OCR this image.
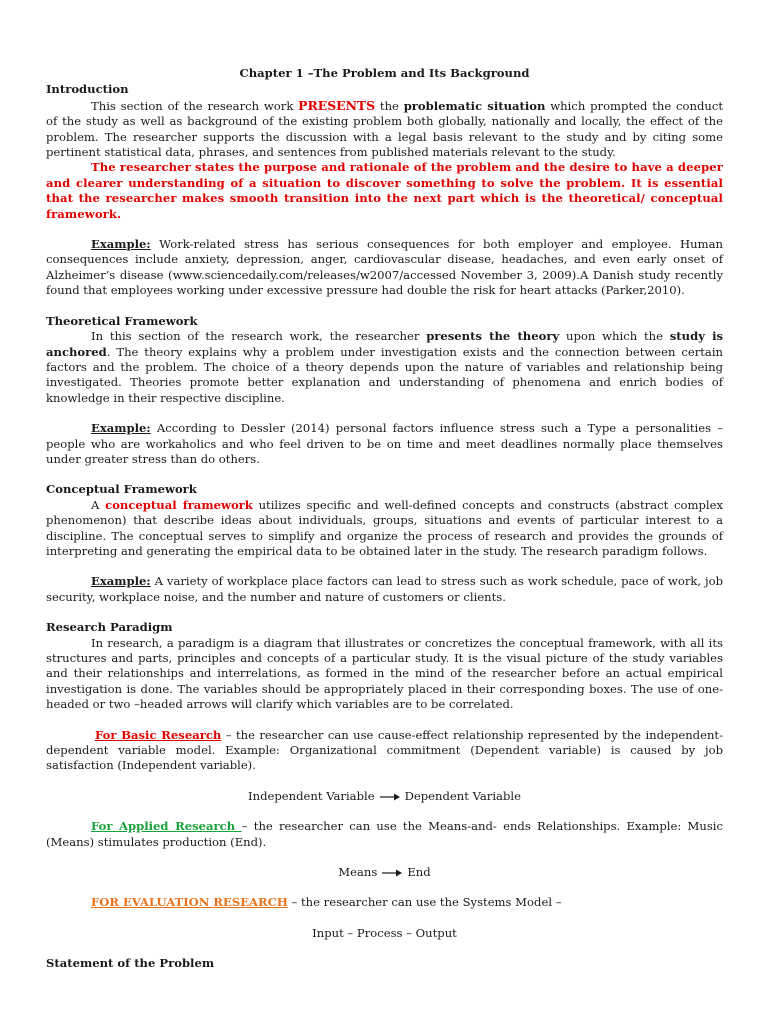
Chapter 1 –The Problem and Its Background

Introduction

This section of the research work PRESENTS the problematic situation which prompted the conduct of the study as well as background of the existing problem both globally, nationally and locally, the effect of the problem. The researcher supports the discussion with a legal basis relevant to the study and by citing some pertinent statistical data, phrases, and sentences from published materials relevant to the study.

The researcher states the purpose and rationale of the problem and the desire to have a deeper and clearer understanding of a situation to discover something to solve the problem. It is essential that the researcher makes smooth transition into the next part which is the theoretical/ conceptual framework.

Example: Work-related stress has serious consequences for both employer and employee. Human consequences include anxiety, depression, anger, cardiovascular disease, headaches, and even early onset of Alzheimer’s disease (www.sciencedaily.com/releases/w2007/accessed November 3, 2009).A Danish study recently found that employees working under excessive pressure had double the risk for heart attacks (Parker,2010).

Theoretical Framework

In this section of the research work, the researcher presents the theory upon which the study is anchored. The theory explains why a problem under investigation exists and the connection between certain factors and the problem. The choice of a theory depends upon the nature of variables and relationship being investigated. Theories promote better explanation and understanding of phenomena and enrich bodies of knowledge in their respective discipline.

Example: According to Dessler (2014) personal factors influence stress such a Type a personalities – people who are workaholics and who feel driven to be on time and meet deadlines normally place themselves under greater stress than do others.

Conceptual Framework

A conceptual framework utilizes specific and well-defined concepts and constructs (abstract complex phenomenon) that describe ideas about individuals, groups, situations and events of particular interest to a discipline. The conceptual serves to simplify and organize the process of research and provides the grounds of interpreting and generating the empirical data to be obtained later in the study. The research paradigm follows.

Example: A variety of workplace place factors can lead to stress such as work schedule, pace of work, job security, workplace noise, and the number and nature of customers or clients.

Research Paradigm

In research, a paradigm is a diagram that illustrates or concretizes the conceptual framework, with all its structures and parts, principles and concepts of a particular study. It is the visual picture of the study variables and their relationships and interrelations, as formed in the mind of the researcher before an actual empirical investigation is done. The variables should be appropriately placed in their corresponding boxes. The use of one-headed or two –headed arrows will clarify which variables are to be correlated.

For Basic Research – the researcher can use cause-effect relationship represented by the independent-dependent variable model. Example: Organizational commitment (Dependent variable) is caused by job satisfaction (Independent variable).

Independent Variable	Dependent Variable

For Applied Research – the researcher can use the Means-and- ends Relationships. Example: Music (Means) stimulates production (End).

Means	End

FOR EVALUATION RESEARCH – the researcher can use the Systems Model –

Input – Process – Output

Statement of the Problem
